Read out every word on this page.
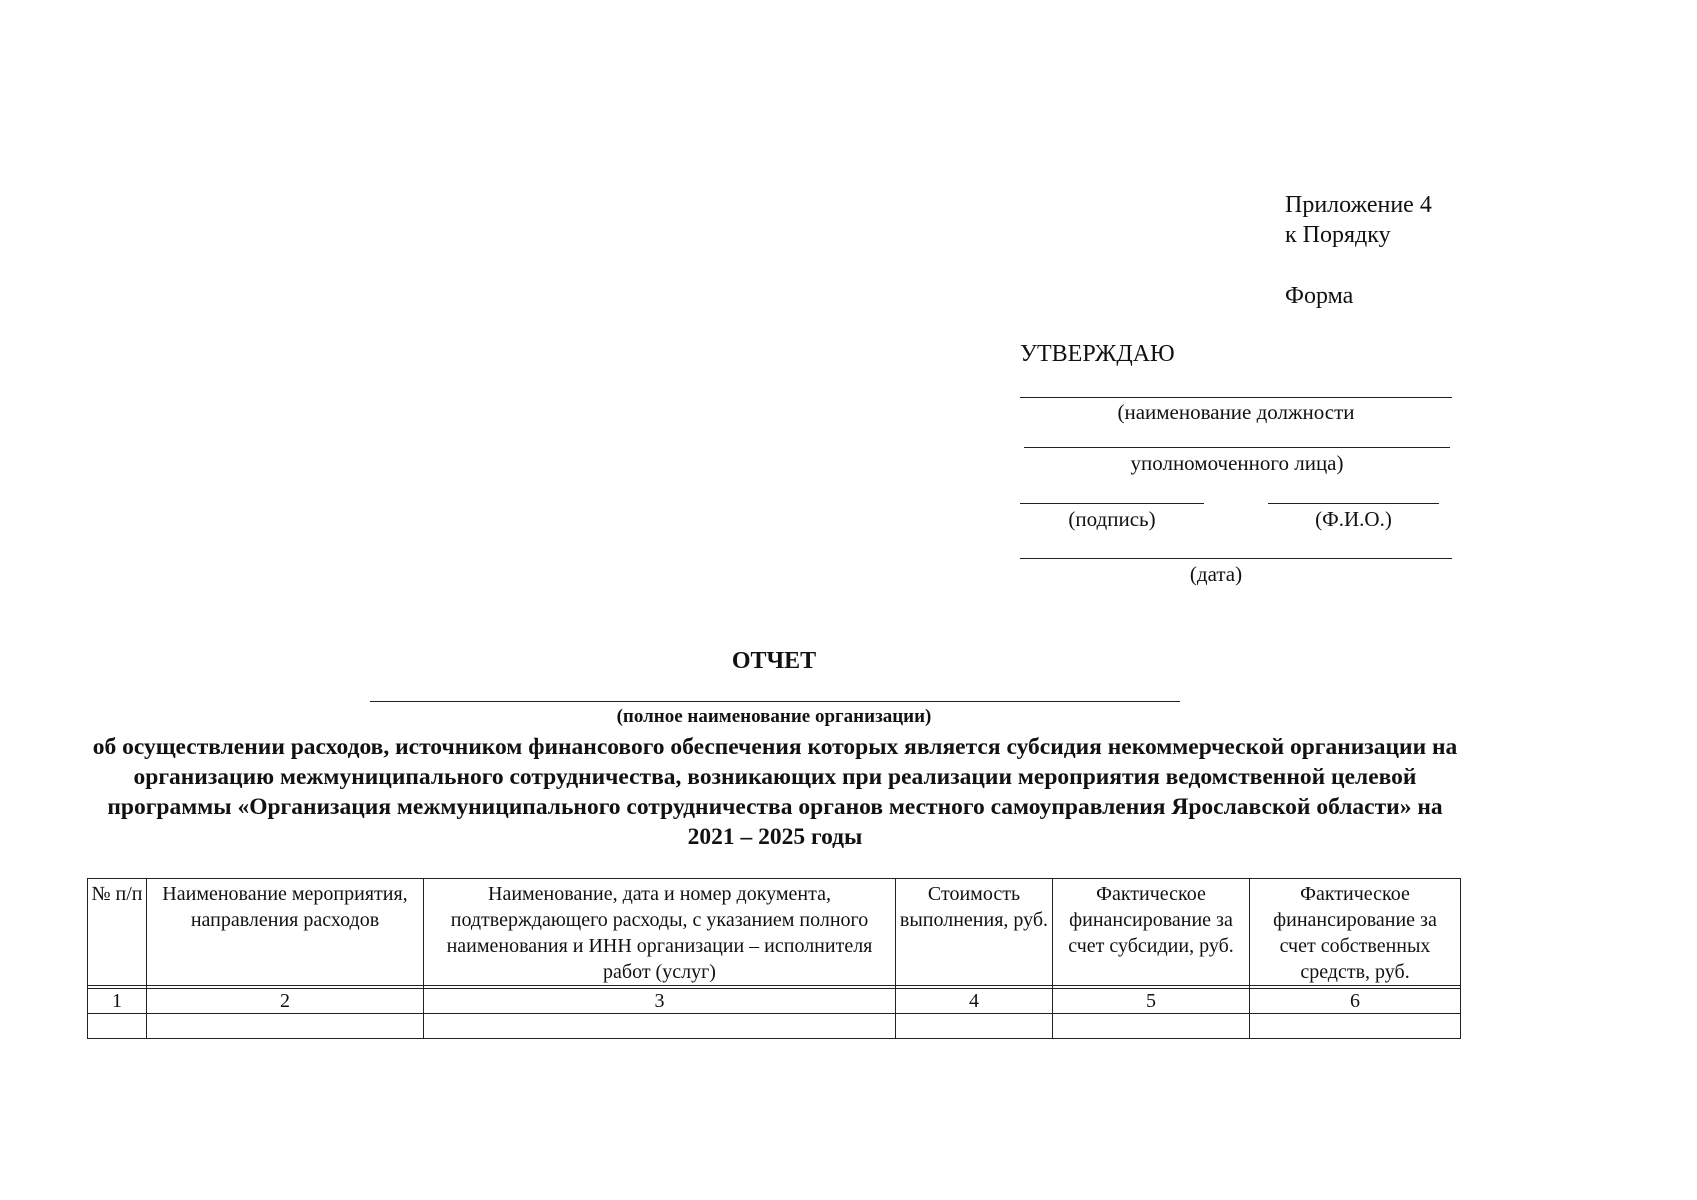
Приложение 4
к Порядку
Форма
УТВЕРЖДАЮ
(наименование должности
уполномоченного лица)
(подпись)	(Ф.И.О.)
(дата)
ОТЧЕТ
(полное наименование организации)
об осуществлении расходов, источником финансового обеспечения которых является субсидия некоммерческой организации на организацию межмуниципального сотрудничества, возникающих при реализации мероприятия ведомственной целевой программы «Организация межмуниципального сотрудничества органов местного самоуправления Ярославской области» на 2021 – 2025 годы
№ п/п	Наименование мероприятия, направления расходов	Наименование, дата и номер документа, подтверждающего расходы, с указанием полного наименования и ИНН организации – исполнителя работ (услуг)	Стоимость выполнения, руб.	Фактическое финансирование за счет субсидии, руб.	Фактическое финансирование за счет собственных средств, руб.

1	2	3	4	5	6
